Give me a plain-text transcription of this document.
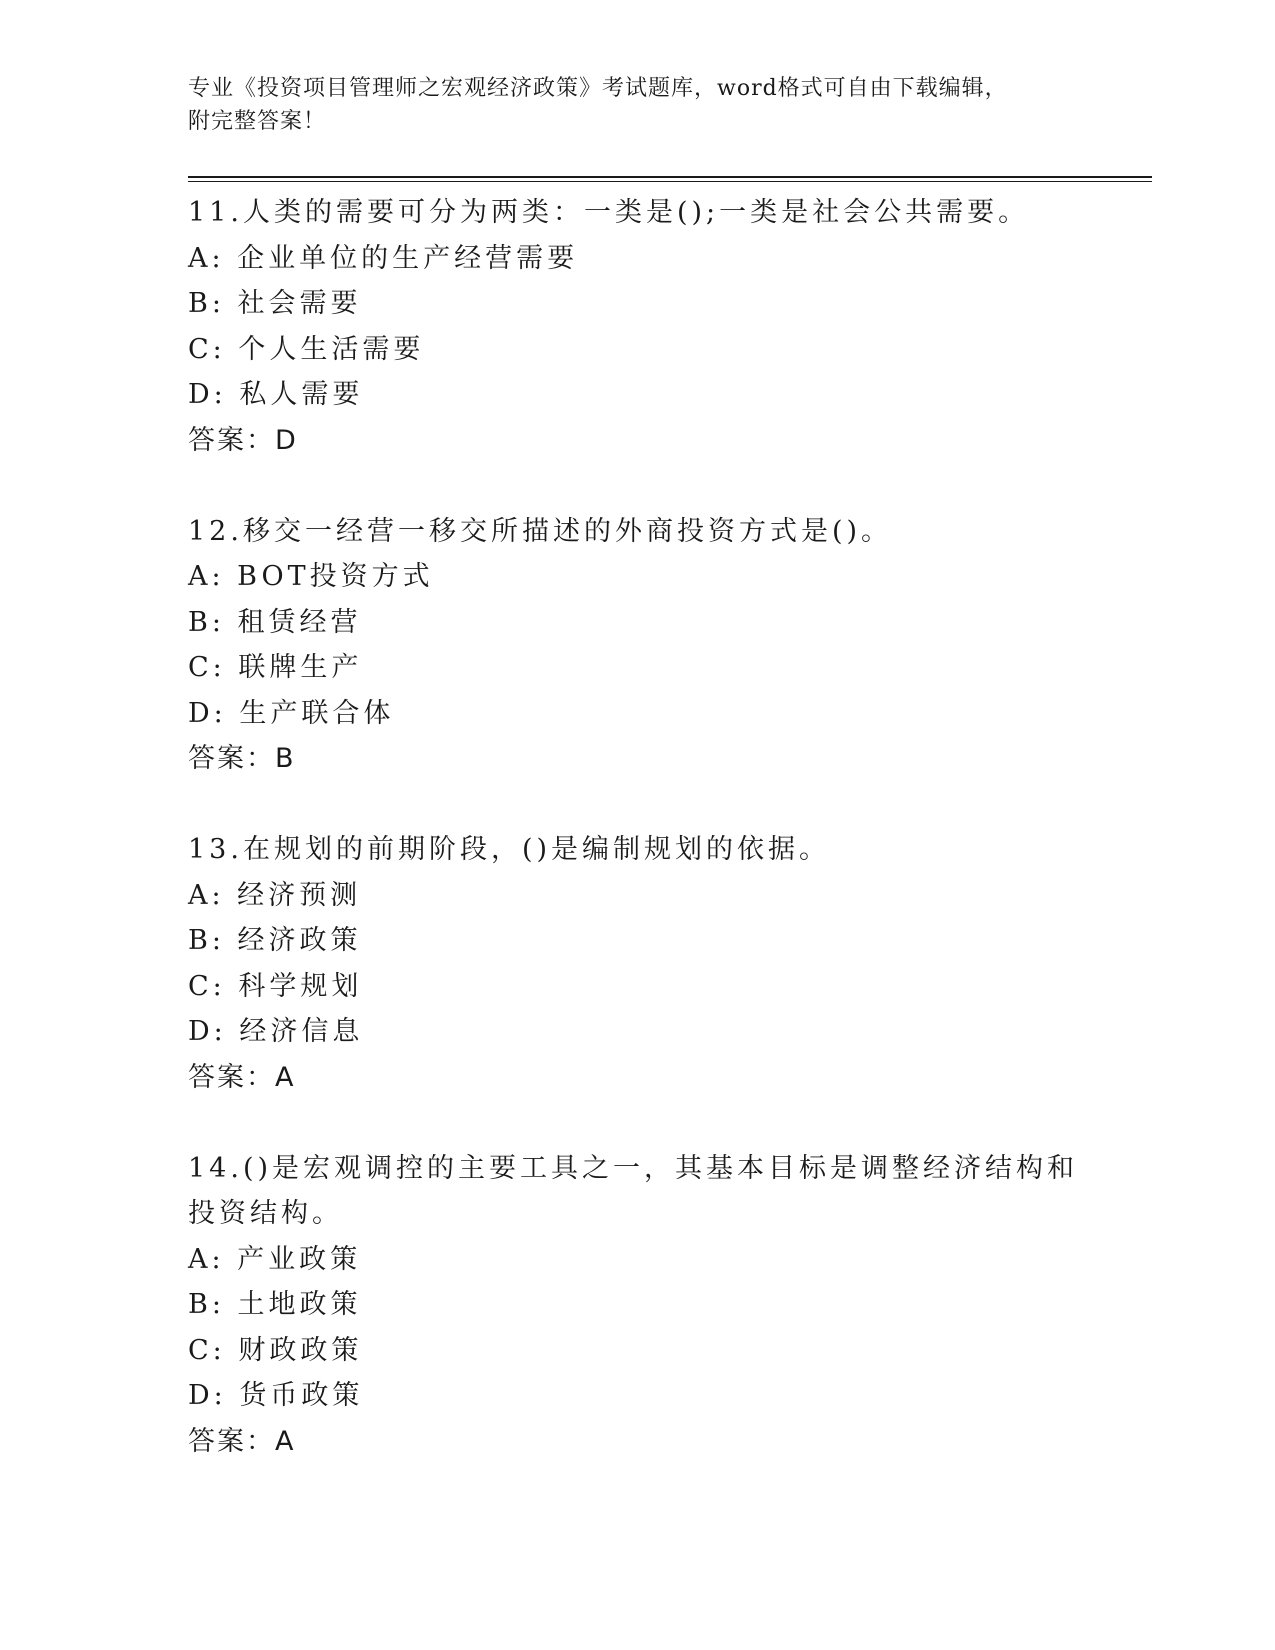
专业《投资项目管理师之宏观经济政策》考试题库，word格式可自由下载编辑，
附完整答案！
11.人类的需要可分为两类：一类是();一类是社会公共需要。
A: 企业单位的生产经营需要
B: 社会需要
C: 个人生活需要
D: 私人需要
答案：D
12.移交一经营一移交所描述的外商投资方式是()。
A: BOT投资方式
B: 租赁经营
C: 联牌生产
D: 生产联合体
答案：B
13.在规划的前期阶段，()是编制规划的依据。
A: 经济预测
B: 经济政策
C: 科学规划
D: 经济信息
答案：A
14.()是宏观调控的主要工具之一，其基本目标是调整经济结构和投资结构。
A: 产业政策
B: 土地政策
C: 财政政策
D: 货币政策
答案：A
